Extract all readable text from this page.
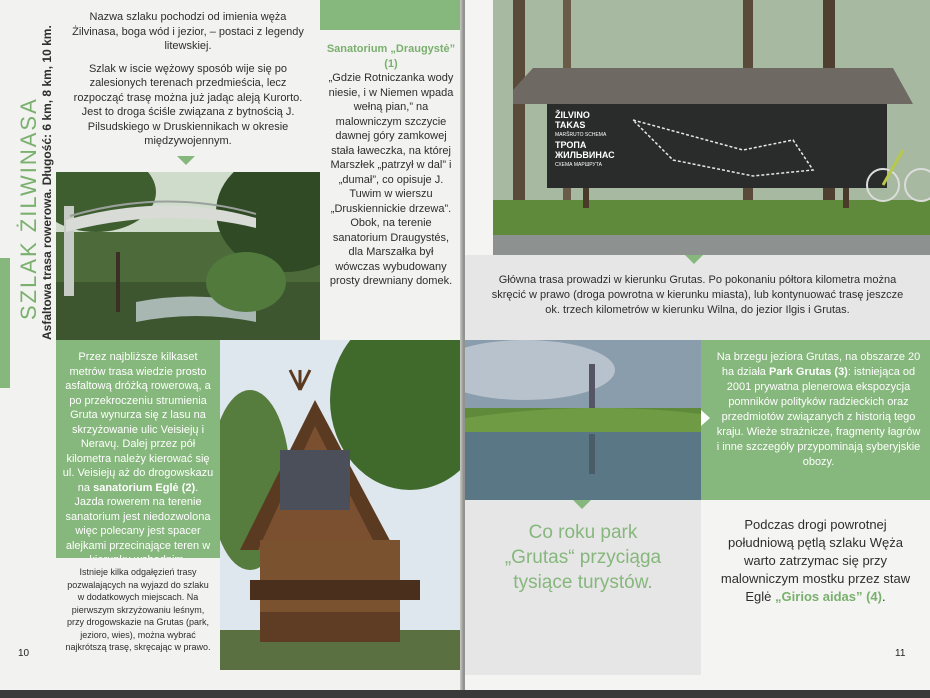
SZLAK ŻILWINASA Asfaltowa trasa rowerowa. Długość: 6 km, 8 km, 10 km.

Nazwa szlaku pochodzi od imienia węża Żilvinasa, boga wód i jezior, – postaci z legendy litewskiej.

Szlak w iscie wężowy sposób wije się po zalesionych terenach przedmieścia, lecz rozpocząć trasę można już jadąc aleją Kurorto. Jest to droga ściśle związana z bytnością J. Pilsudskiego w Druskiennikach w okresie międzywojennym.

Sanatorium „Draugystė” (1)
„Gdzie Rotniczanka wody niesie, i w Niemen wpada wełną pian,” na malowniczym szczycie dawnej góry zamkowej stała ławeczka, na której Marszłek „patrzył w dal” i „dumał”, co opisuje J. Tuwim w wierszu „Druskiennickie drzewa”. Obok, na terenie sanatorium Draugystés, dla Marszałka był wówczas wybudowany prosty drewniany domek.
Przez najbliższe kilkaset metrów trasa wiedzie prosto asfaltową dróżką rowerową, a po przekroczeniu strumienia Gruta wynurza się z lasu na skrzyżowanie ulic Veisiejų i Neravų. Dalej przez pół kilometra należy kierować się ul. Veisiejų aż do drogowskazu na sanatorium Eglė (2). Jazda rowerem na terenie sanatorium jest niedozwolona więc polecany jest spacer alejkami przecinające teren w
Istnieje kilka odgałęzień trasy pozwalających na wyjazd do szlaku w dodatkowych miejscach. Na pierwszym skrzyżowaniu leśnym, przy drogowskazie na Grutas (park, jezioro, wies), można wybrać najkrótszą trasę, skręcając w prawo.
10
ŽILVINO
TAKAS
MARŠRUTO SCHEMA
ТРОПА
ЖИЛЬВИНАС
СХЕМА МАРШРУТА
Główna trasa prowadzi w kierunku Grutas. Po pokonaniu półtora kilometra można skręcić w prawo (droga powrotna w kierunku miasta), lub kontynuować trasę jeszcze ok. trzech kilometrów w kierunku Wilna, do jezior Ilgis i Grutas.
Na brzegu jeziora Grutas, na obszarze 20 ha działa Park Grutas (3): istniejąca od 2001 prywatna plenerowa ekspozycja pomników polityków radzieckich oraz przedmiotów związanych z historią tego kraju. Wieże strażnicze, fragmenty łagrów i inne szczegóły przypominają syberyjskie obozy.
Co roku park „Grutas“ przyciąga tysiące turystów.
Podczas drogi powrotnej południową pętlą szlaku Węża warto zatrzymac się przy malowniczym mostku przez staw Eglė „Girios aidas” (4).
11
